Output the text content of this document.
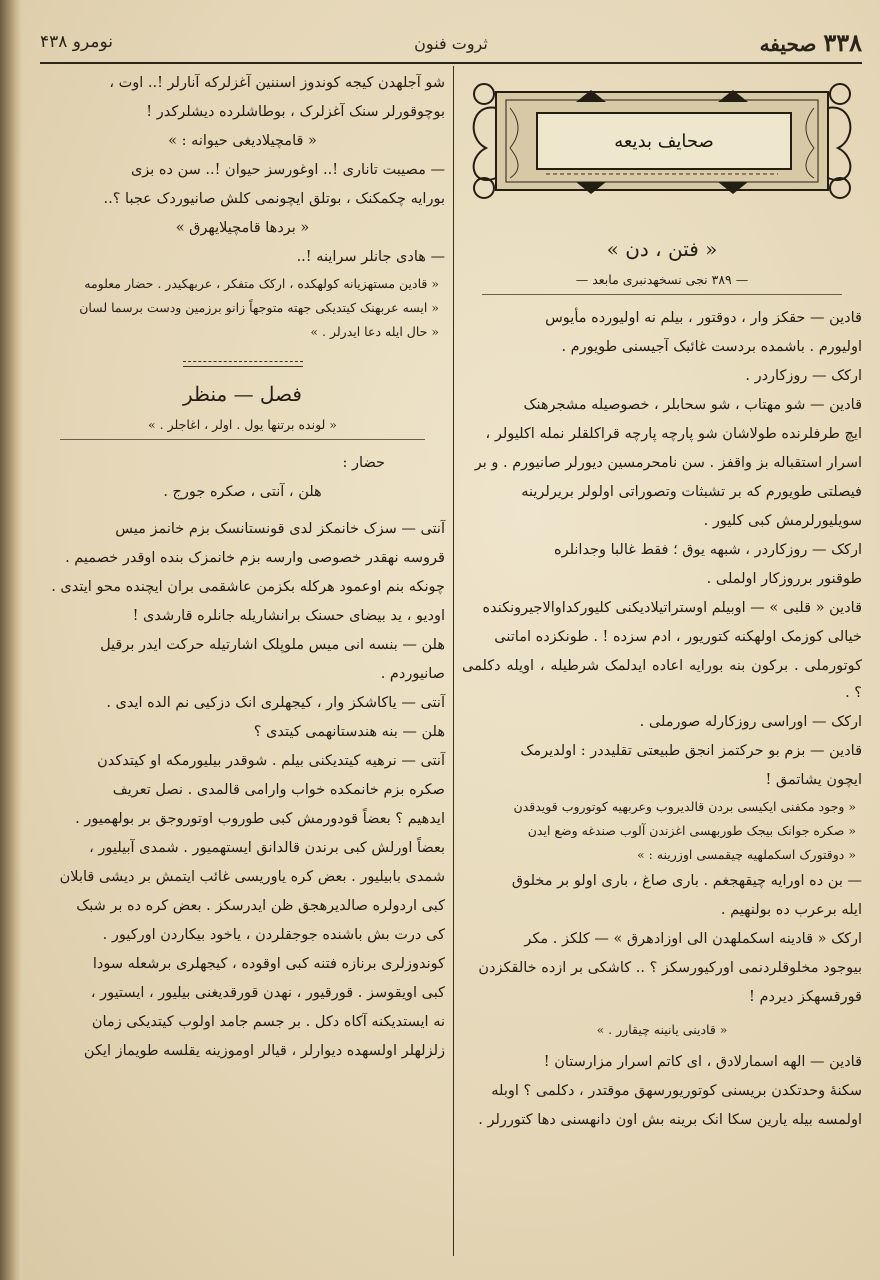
۳۳۸ صحیفه
ثروت فنون
نومرو ۴۳۸
صحایف بدیعه

شو آجلهدن کیجه کوندوز اسننین آغزلرکه آنارلر !.. اوت ،

بوچوقورلر سنک آغزلرک ، بوطاشلرده دیشلرکدر !

« قامچیلادیغی حیوانه : »

— مصیبت تاناری !.. اوغورسز حیوان !.. سن ده بزی

بورایه چکمکنک ، بوتلق ایچونمی کلش صانیوردک عجبا ؟..

« بردها قامچیلایهرق »

— هادی جانلر سراینه !..

« قادین مستهزیانه کولهکده ، ارکک متفکر ، عربهکیدر . حضار معلومه

« ایسه عربهنک کیتدیکی جهته متوجهاً زانو برزمین ودست برسما لسان

« حال ایله دعا ایدرلر . »

فصل — منظر
« لونده برتنها یول . اولر ، اغاجلر . »

حضار :

هلن ، آنتی ، صکره جورج .

آنتی — سزک خانمکز لدی قونستانسک بزم خانمز میس

قروسه نهقدر خصوصی وارسه بزم خانمزک بنده اوقدر خصمیم .

چونکه بنم اوعمود هرکله بکزمن عاشقمی بران ایچنده محو ایتدی .

اودیو ، ید بیضای حسنک برانشاریله جانلره قارشدی !

هلن — بنسه انی میس ملوپلک اشارتیله حرکت ایدر برقیل

صانیوردم .

آنتی — یاکاشکز وار ، کیجهلری انک دزکیی نم الده ایدی .

هلن — بنه هندستانهمی کیتدی ؟

آنتی — نرهیه کیتدیکنی بیلم . شوقدر بیلیورمکه او کیتدکدن

صکره بزم خانمکده خواب وارامی قالمدی . نصل تعریف

ایدهیم ؟ بعضاً قودورمش کبی طوروب اوتوروجق بر بولهمیور .

بعضاً اورلش کبی برندن قالدانق ایستهمیور . شمدی آبیلیور ،

شمدی بابیلیور . بعض کره یاوریسی غائب ایتمش بر دیشی قابلان

کبی اردولره صالدیرهجق ظن ایدرسکز . بعض کره ده بر شبک

کی درت بش باشنده جوجقلردن ، یاخود بیکاردن اورکیور .

کوندوزلری برنازه فتنه کبی اوقوده ، کیجهلری برشعله سودا

کبی اویقوسز . قورقیور ، نهدن قورقدیغنی بیلیور ، ایستیور ،

نه ایستدیکنه آکاه دکل . بر جسم جامد اولوب کیتدیکی زمان

زلزلهلر اولسهده دیوارلر ، قیالر اوموزینه یقلسه طویماز ایکن

« فتن ، دن »
— ۳۸۹ نجی نسخهدنبری مابعد —

قادین — حقکز وار ، دوقتور ، بیلم نه اولیورده مأیوس

اولیورم . باشمده بردست غائبک آجیسنی طویورم .

ارکک — روزکاردر .

قادین — شو مهتاب ، شو سحابلر ، خصوصیله مشجرهنک

ایچ طرفلرنده طولاشان شو پارچه پارچه قراکلقلر نمله اکلیولر ،

اسرار استقباله بز واقفز . سن نامحرمسین دیورلر صانیورم . و بر

فیصلتی طویورم که بر تشبثات وتصوراتی اولولر بریرلرینه

سویلیورلرمش کبی کلیور .

ارکک — روزکاردر ، شبهه یوق ؛ فقط غالبا وجدانلره

طوقنور برروزکار اولملی .

قادین « قلبی » — اوبیلم اوستراتیلادیکنی کلیورکداوالاجیرونکنده

خیالی کوزمک اولهکنه کتوریور ، ادم سزده ! . طونکزده اماتنی

کوتورملی . برکون بنه بورایه اعاده ایدلمک شرطیله ، اویله دکلمی ؟ .

ارکک — اوراسی روزکارله صورملی .

قادین — بزم بو حرکتمز انجق طبیعتی تقلیددر : اولدیرمک

ایچون یشاتمق !

« وجود مکفنی ایکیسی بردن قالدیروب وعربهیه کوتوروب قویدقدن

« صکره جوانک بیجک طوربهسی اغزندن آلوب صندغه وضع ایدن

« دوقتورک اسکملهیه چیقمسی اوزرینه : »

— بن ده اورایه چیقهجغم . باری صاغ ، باری اولو بر مخلوق

ایله برعرب ده بولنهیم .

ارکک « قادینه اسکملهدن الی اوزادهرق » — کلکز . مکر

بیوجود مخلوقلردنمی اورکیورسکز ؟ .. کاشکی بر ازده خالقکزدن

قورقسهکز دیردم !

« قادینی یانینه چیقارر . »

قادین — الهه اسمارلادق ، ای کاتم اسرار مزارستان !

سکنهٔ وحدتکدن بریسنی کوتوریورسهق موقتدر ، دکلمی ؟ اوبله

اولمسه بیله یارین سکا انک برینه بش اون دانهسنی دها کتوررلر .
